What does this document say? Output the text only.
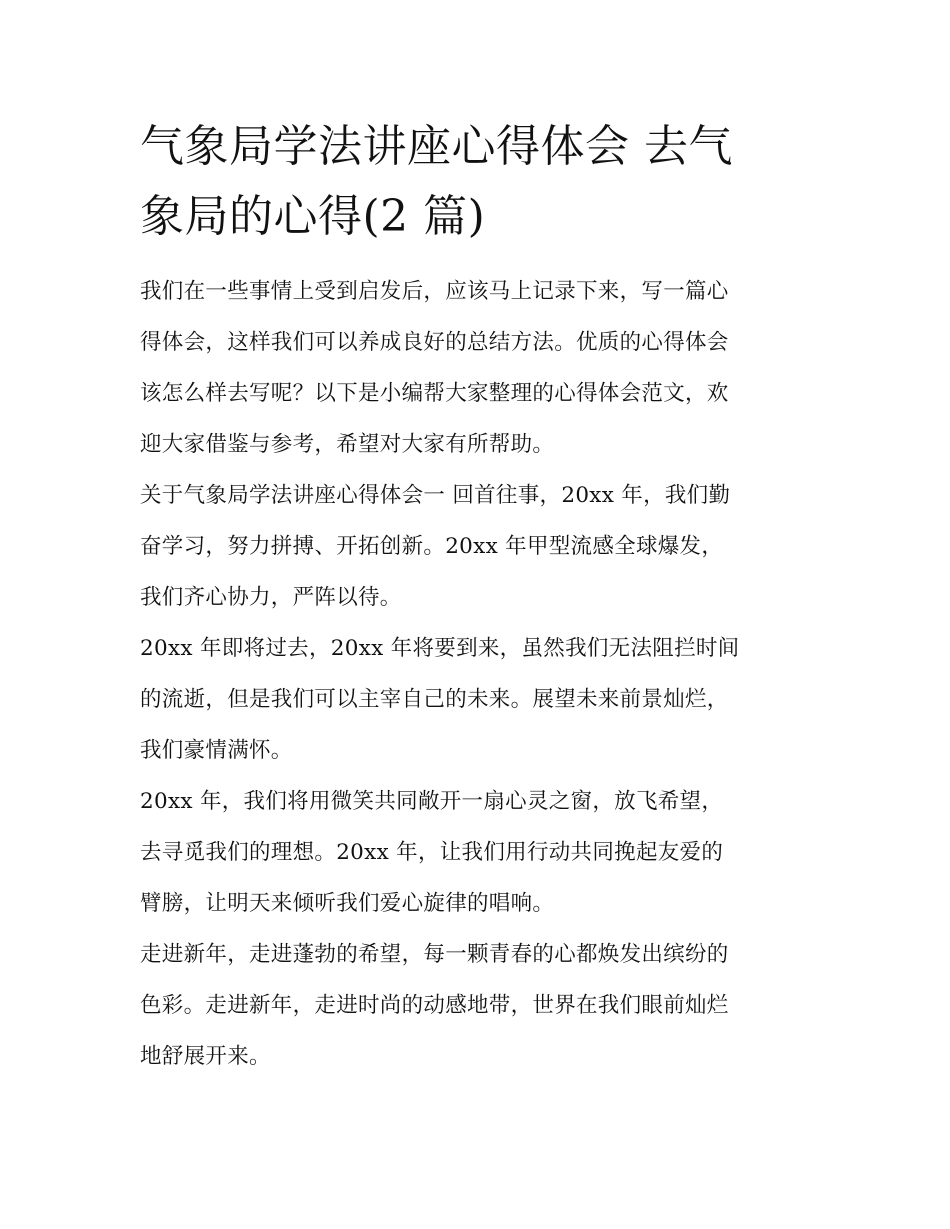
气象局学法讲座心得体会 去气
象局的心得(2 篇)

我们在一些事情上受到启发后，应该马上记录下来，写一篇心
得体会，这样我们可以养成良好的总结方法。优质的心得体会
该怎么样去写呢？以下是小编帮大家整理的心得体会范文，欢
迎大家借鉴与参考，希望对大家有所帮助。

关于气象局学法讲座心得体会一 回首往事，20xx 年，我们勤
奋学习，努力拼搏、开拓创新。20xx 年甲型流感全球爆发，
我们齐心协力，严阵以待。

20xx 年即将过去，20xx 年将要到来，虽然我们无法阻拦时间
的流逝，但是我们可以主宰自己的未来。展望未来前景灿烂，
我们豪情满怀。

20xx 年，我们将用微笑共同敞开一扇心灵之窗，放飞希望，
去寻觅我们的理想。20xx 年，让我们用行动共同挽起友爱的
臂膀，让明天来倾听我们爱心旋律的唱响。

走进新年，走进蓬勃的希望，每一颗青春的心都焕发出缤纷的
色彩。走进新年，走进时尚的动感地带，世界在我们眼前灿烂
地舒展开来。
